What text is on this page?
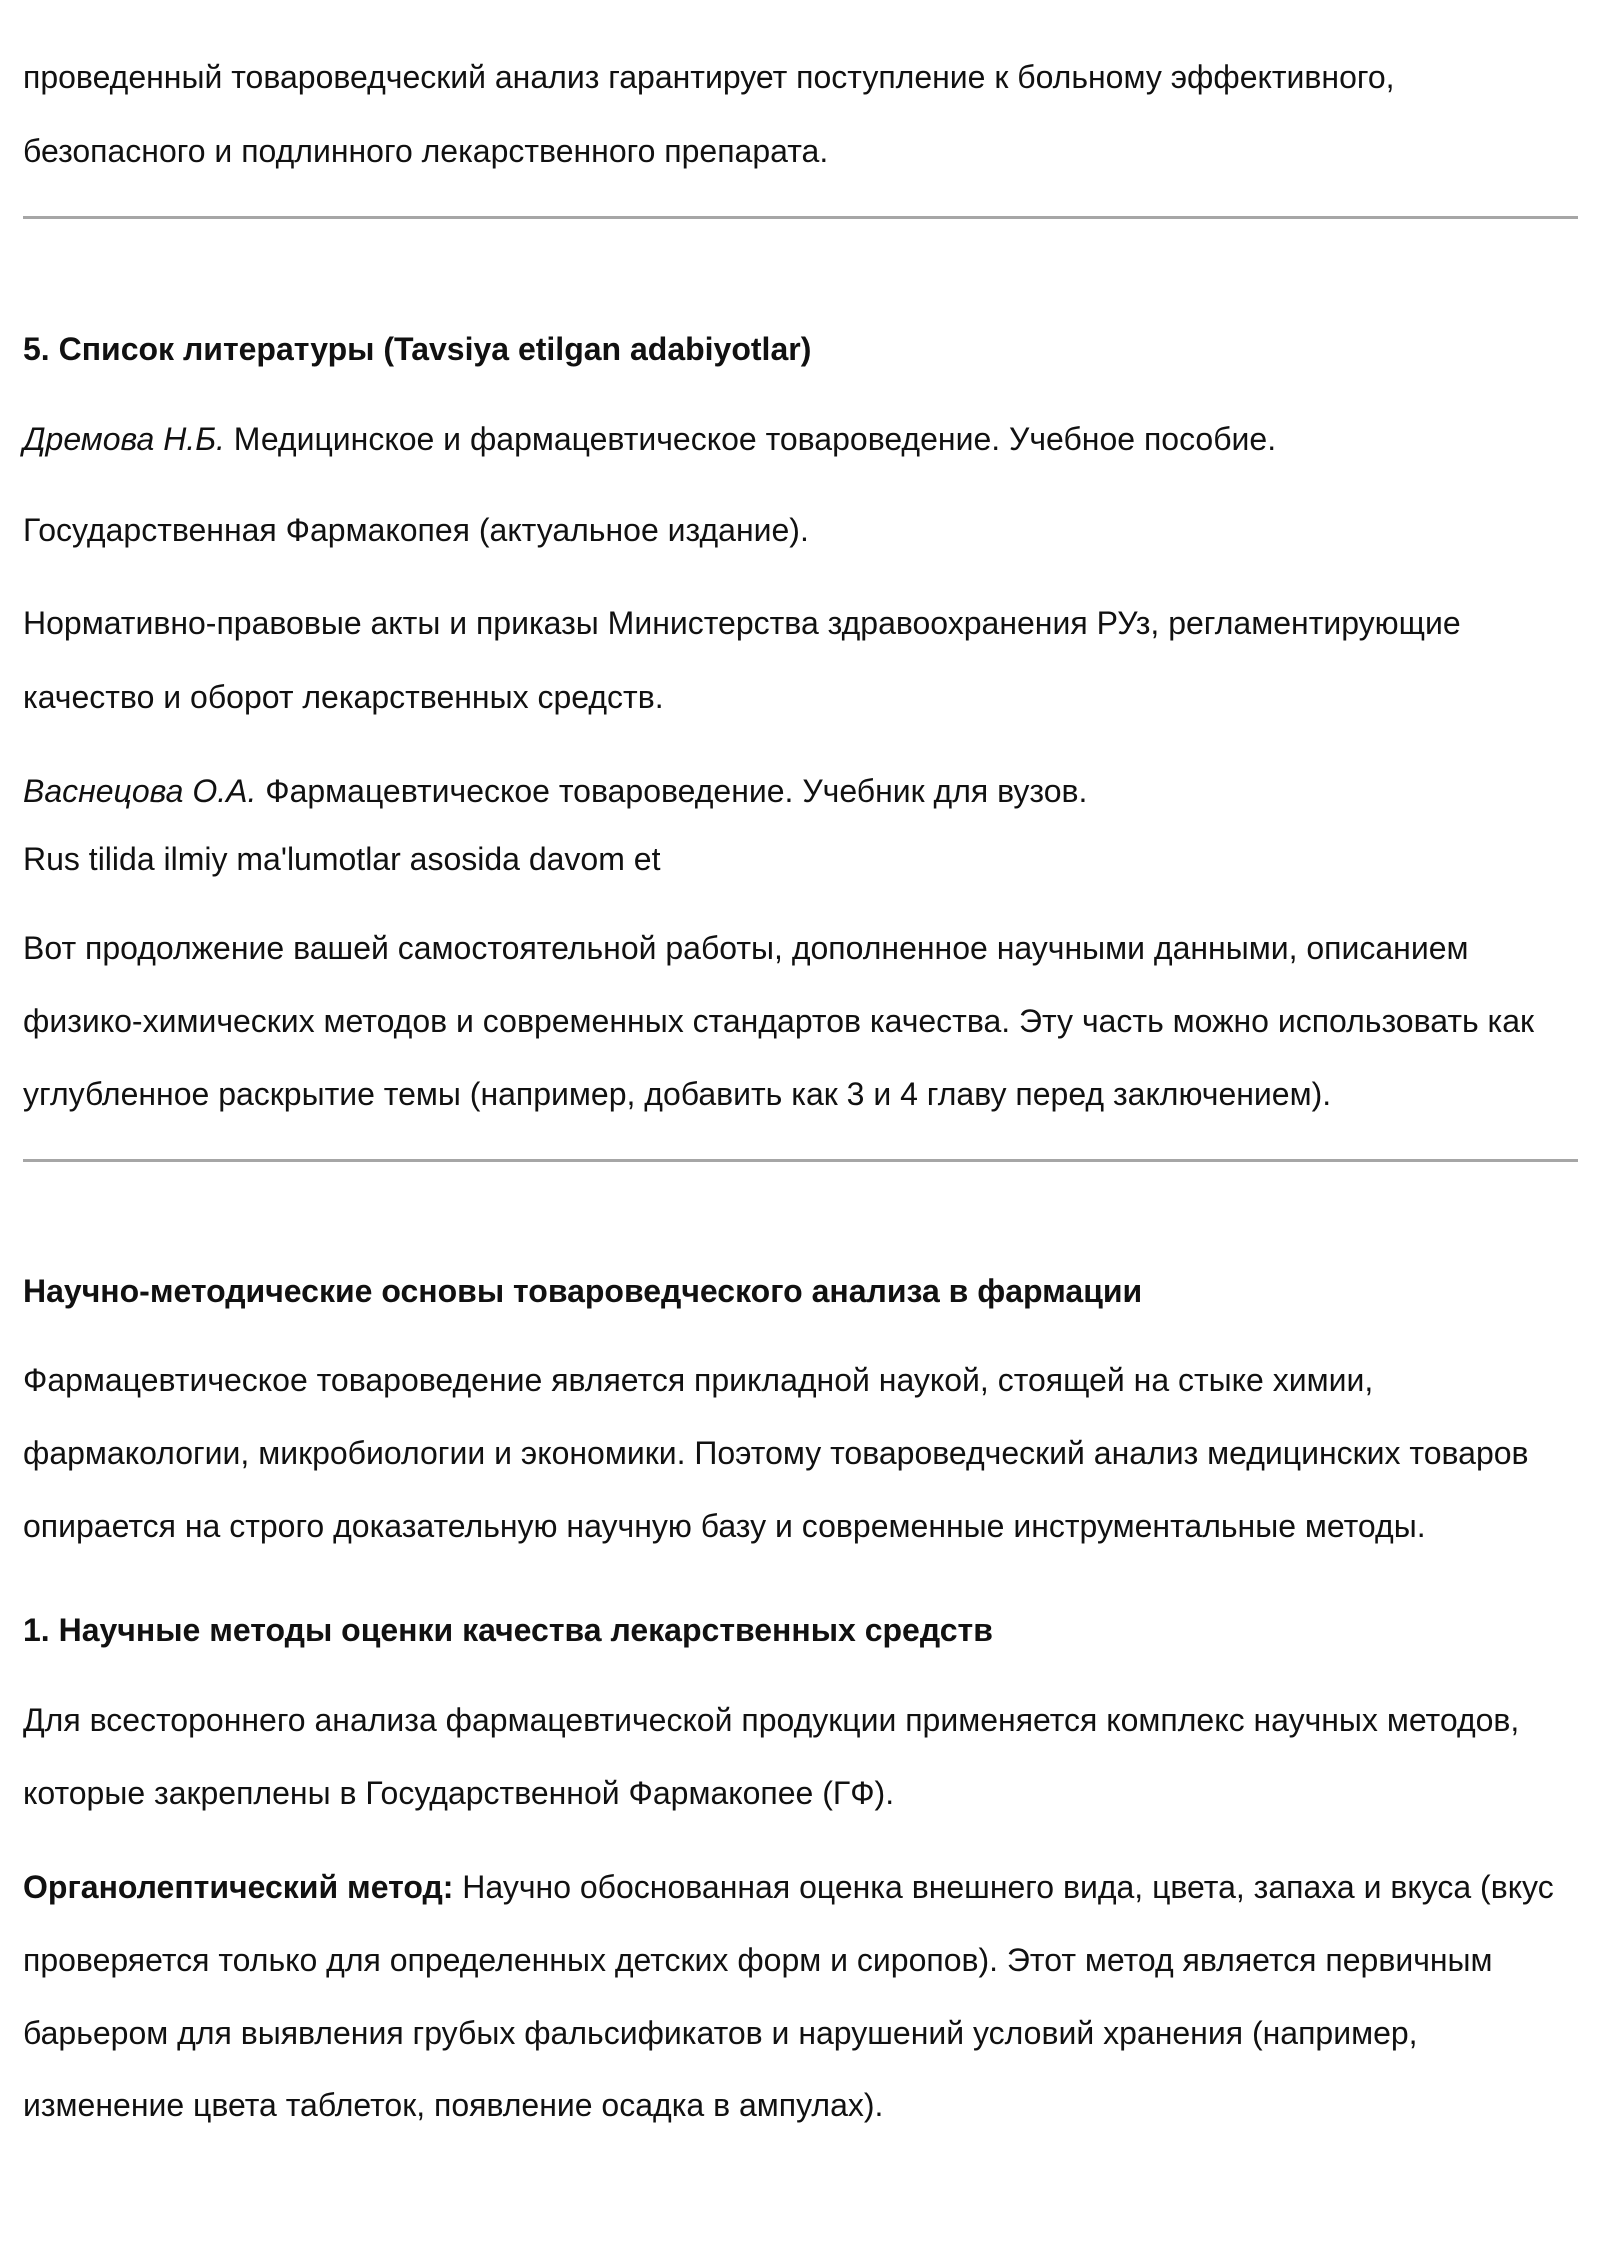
проведенный товароведческий анализ гарантирует поступление к больному эффективного,

безопасного и подлинного лекарственного препарата.

5. Список литературы (Tavsiya etilgan adabiyotlar)

Дремова Н.Б. Медицинское и фармацевтическое товароведение. Учебное пособие.

Государственная Фармакопея (актуальное издание).

Нормативно-правовые акты и приказы Министерства здравоохранения РУз, регламентирующие

качество и оборот лекарственных средств.

Васнецова О.А. Фармацевтическое товароведение. Учебник для вузов.

Rus tilida ilmiy ma'lumotlar asosida davom et

Вот продолжение вашей самостоятельной работы, дополненное научными данными, описанием

физико-химических методов и современных стандартов качества. Эту часть можно использовать как

углубленное раскрытие темы (например, добавить как 3 и 4 главу перед заключением).

Научно-методические основы товароведческого анализа в фармации

Фармацевтическое товароведение является прикладной наукой, стоящей на стыке химии,

фармакологии, микробиологии и экономики. Поэтому товароведческий анализ медицинских товаров

опирается на строго доказательную научную базу и современные инструментальные методы.

1. Научные методы оценки качества лекарственных средств

Для всестороннего анализа фармацевтической продукции применяется комплекс научных методов,

которые закреплены в Государственной Фармакопее (ГФ).

Органолептический метод: Научно обоснованная оценка внешнего вида, цвета, запаха и вкуса (вкус

проверяется только для определенных детских форм и сиропов). Этот метод является первичным

барьером для выявления грубых фальсификатов и нарушений условий хранения (например,

изменение цвета таблеток, появление осадка в ампулах).
